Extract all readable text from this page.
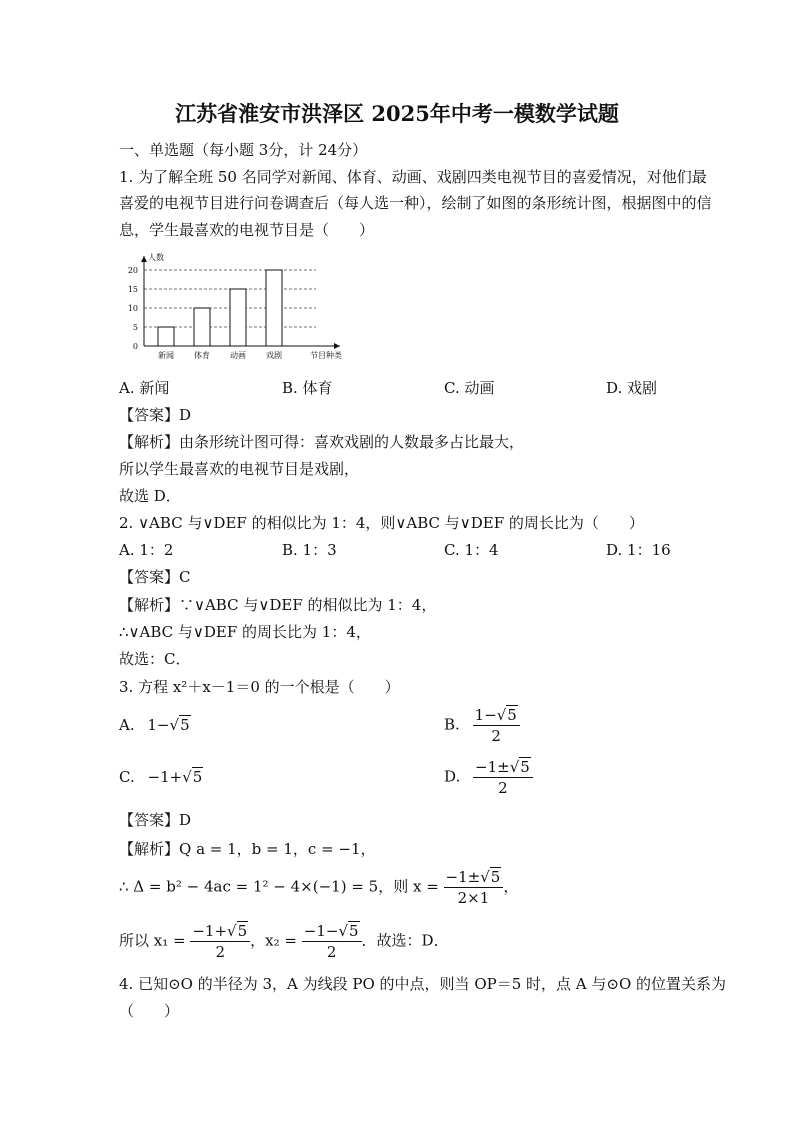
江苏省淮安市洪泽区 2025年中考一模数学试题
一、单选题（每小题 3分，计 24分）
1. 为了解全班 50 名同学对新闻、体育、动画、戏剧四类电视节目的喜爱情况，对他们最
喜爱的电视节目进行问卷调查后（每人选一种），绘制了如图的条形统计图，根据图中的信
息，学生最喜欢的电视节目是（　　）
0
5
10
15
20
人数
节目种类
新闻	体育	动画	戏剧
A. 新闻	B. 体育	C. 动画	D. 戏剧
【答案】D
【解析】由条形统计图可得：喜欢戏剧的人数最多占比最大，
所以学生最喜欢的电视节目是戏剧，
故选 D．
2. ∨ABC 与∨DEF 的相似比为 1：4，则∨ABC 与∨DEF 的周长比为（　　）
A. 1：2	B. 1：3	C. 1：4	D. 1：16
【答案】C
【解析】∵∨ABC 与∨DEF 的相似比为 1：4，
∴∨ABC 与∨DEF 的周长比为 1：4，
故选：C．
3. 方程 x²＋x－1＝0 的一个根是（　　）
A. 1−√5	B. $\frac{1-√5}{2}$
C. −1+√5	D. $\frac{-1\pm√5}{2}$
【答案】D
【解析】Q a = 1，b = 1，c = −1，
∴ Δ = b² − 4ac = 1² − 4×(−1) = 5，则 $x = \frac{-1\pm√5}{2\times 1}$ ，
所以 $x_1 = \frac{-1+√5}{2}$ ，$x_2 = \frac{-1-√5}{2}$ ．故选：D．
4. 已知⊙O 的半径为 3，A 为线段 PO 的中点，则当 OP＝5 时，点 A 与⊙O 的位置关系为
（　　）
